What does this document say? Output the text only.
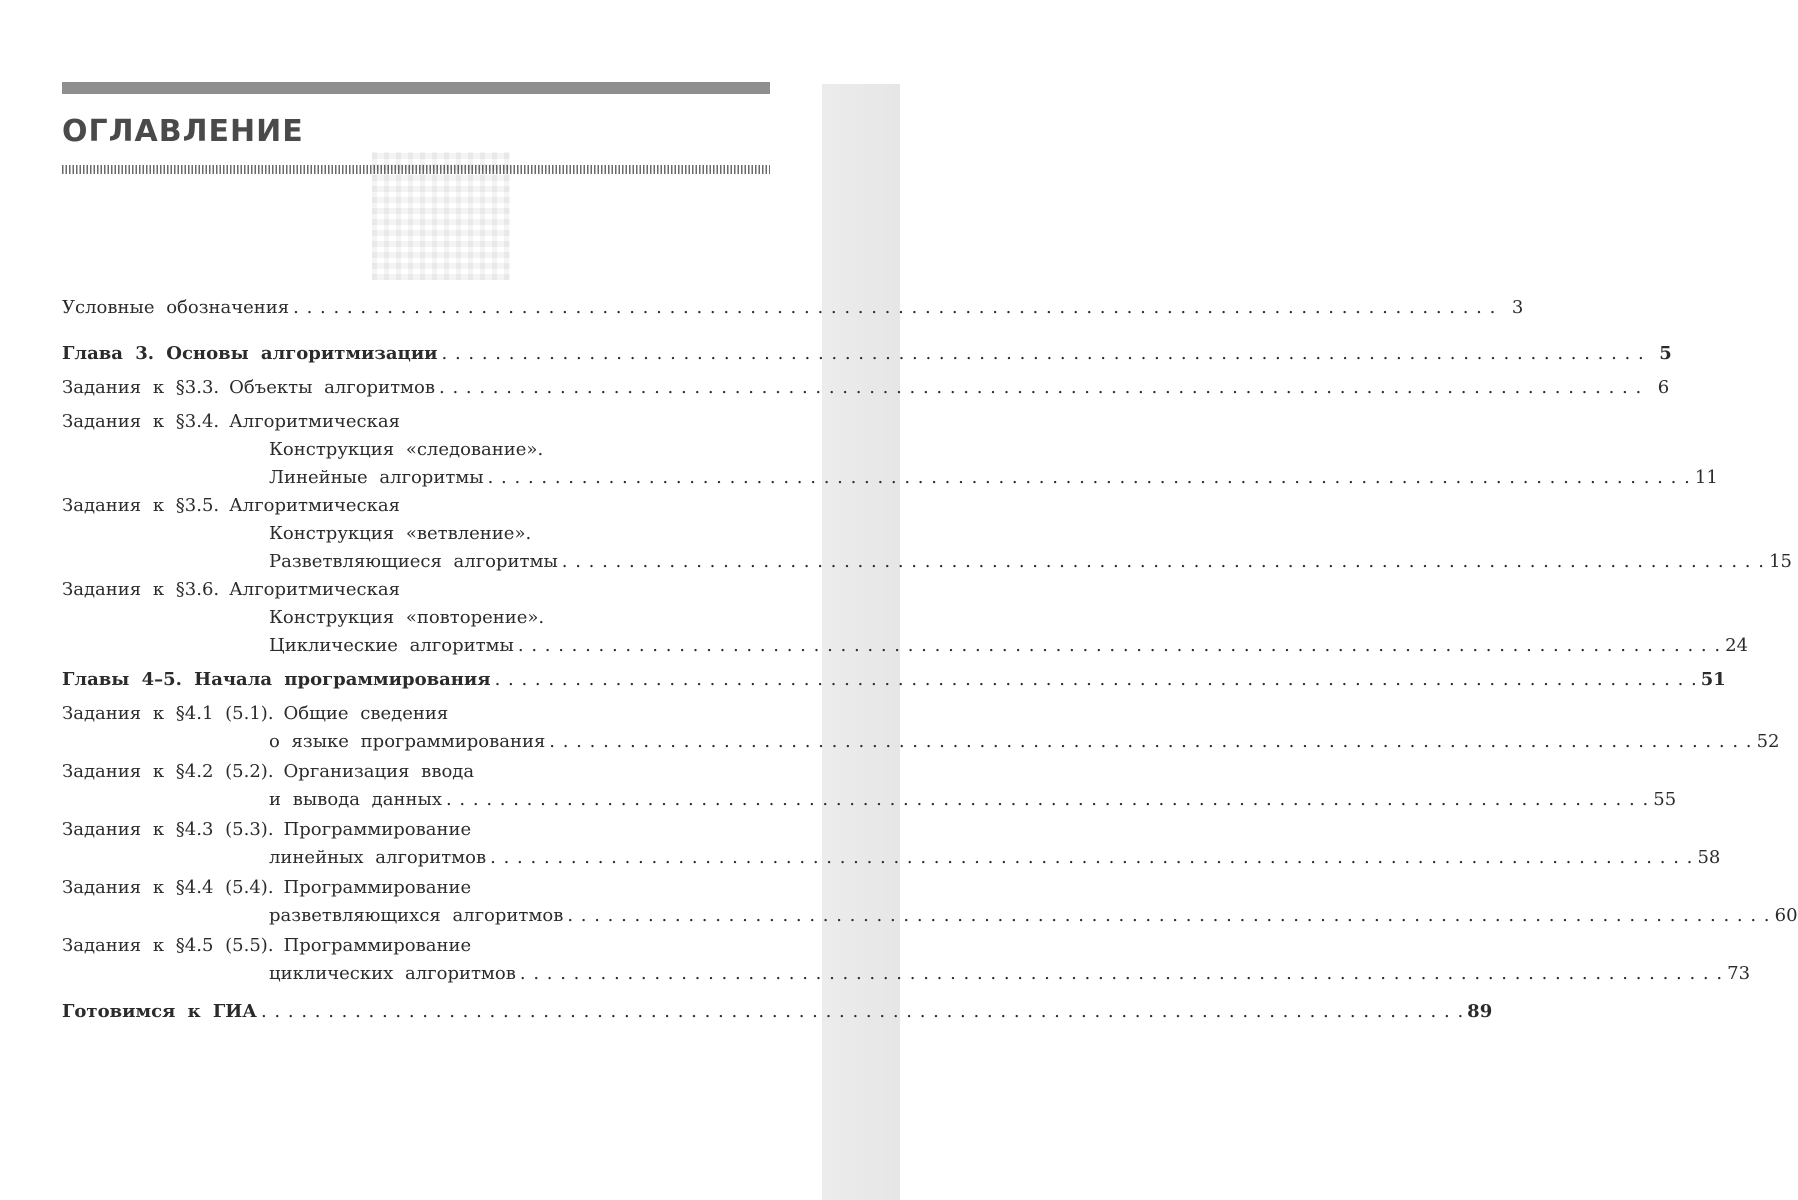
ОГЛАВЛЕНИЕ
Условные обозначения . . .	3
Глава 3. Основы алгоритмизации . . .	5
Задания к §3.3. Объекты алгоритмов . . .	6
Задания к §3.4. Алгоритмическая
Конструкция «следование».
Линейные алгоритмы . . .	11
Задания к §3.5. Алгоритмическая
Конструкция «ветвление».
Разветвляющиеся алгоритмы . . .	15
Задания к §3.6. Алгоритмическая
Конструкция «повторение».
Циклические алгоритмы . . .	24
Главы 4–5. Начала программирования . . .	51
Задания к §4.1 (5.1). Общие сведения
о языке программирования . . .	52
Задания к §4.2 (5.2). Организация ввода
и вывода данных . . .	55
Задания к §4.3 (5.3). Программирование
линейных алгоритмов . . .	58
Задания к §4.4 (5.4). Программирование
разветвляющихся алгоритмов . . .	60
Задания к §4.5 (5.5). Программирование
циклических алгоритмов . . .	73
Готовимся к ГИА . . .	89
